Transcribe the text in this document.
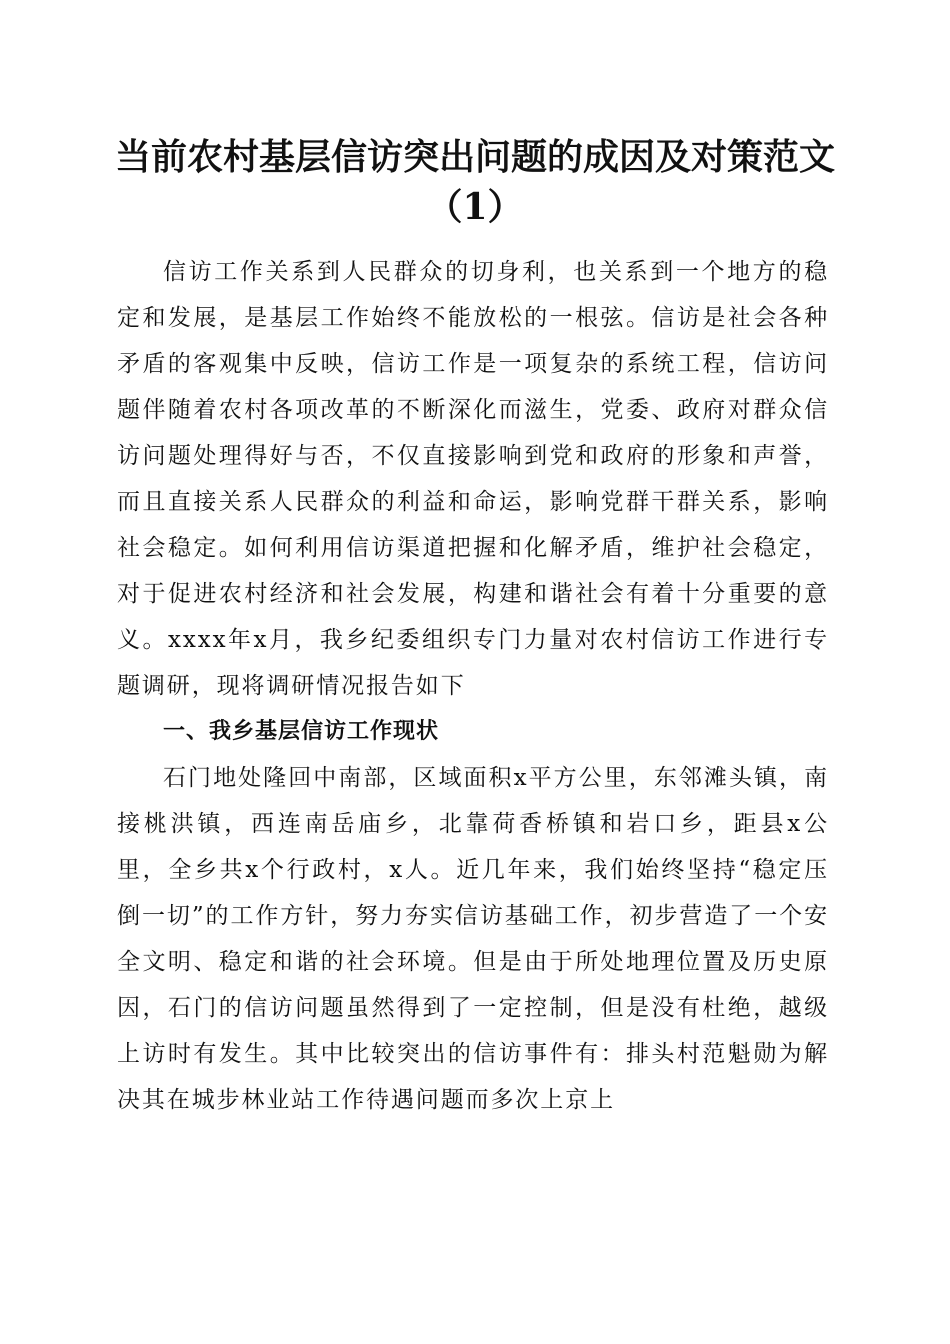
当前农村基层信访突出问题的成因及对策范文
（1）

信访工作关系到人民群众的切身利，也关系到一个地方的稳定和发展，是基层工作始终不能放松的一根弦。信访是社会各种矛盾的客观集中反映，信访工作是一项复杂的系统工程，信访问题伴随着农村各项改革的不断深化而滋生，党委、政府对群众信访问题处理得好与否，不仅直接影响到党和政府的形象和声誉，而且直接关系人民群众的利益和命运，影响党群干群关系，影响社会稳定。如何利用信访渠道把握和化解矛盾，维护社会稳定，对于促进农村经济和社会发展，构建和谐社会有着十分重要的意义。xxxx年x月，我乡纪委组织专门力量对农村信访工作进行专题调研，现将调研情况报告如下

一、我乡基层信访工作现状

石门地处隆回中南部，区域面积x平方公里，东邻滩头镇，南接桃洪镇，西连南岳庙乡，北靠荷香桥镇和岩口乡，距县x公里，全乡共x个行政村，x人。近几年来，我们始终坚持“稳定压倒一切”的工作方针，努力夯实信访基础工作，初步营造了一个安全文明、稳定和谐的社会环境。但是由于所处地理位置及历史原因，石门的信访问题虽然得到了一定控制，但是没有杜绝，越级上访时有发生。其中比较突出的信访事件有：排头村范魁勋为解决其在城步林业站工作待遇问题而多次上京上
